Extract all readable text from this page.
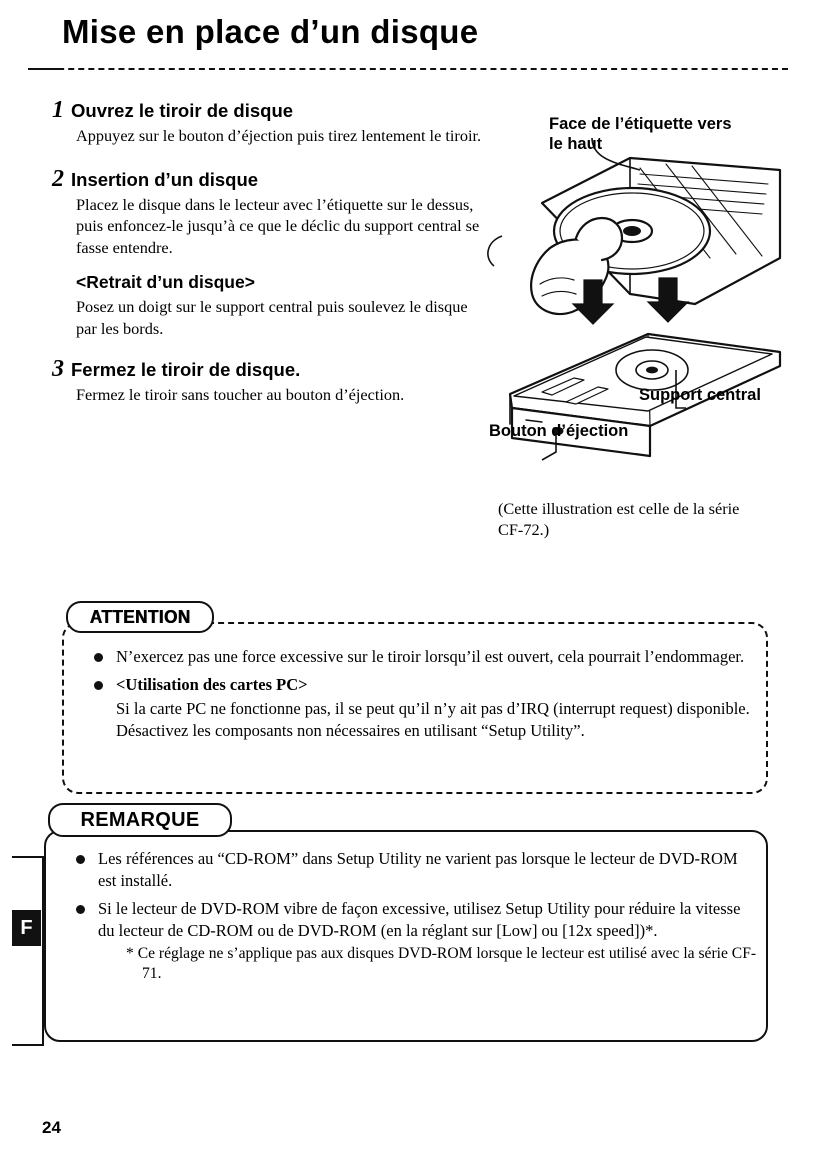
Mise en place d’un disque
1 Ouvrez le tiroir de disque
Appuyez sur le bouton d’éjection puis tirez lentement le tiroir.
2 Insertion d’un disque
Placez le disque dans le lecteur avec l’étiquette sur le dessus, puis enfoncez-le jusqu’à ce que le déclic du support central se fasse entendre.
<Retrait d’un disque>
Posez un doigt sur le support central puis soulevez le disque par les bords.
3 Fermez le tiroir de disque.
Fermez le tiroir sans toucher au bouton d’éjection.
Face de l’étiquette vers le haut
Support central
Bouton d’éjection
(Cette illustration est celle de la série CF-72.)
ATTENTION
N’exercez pas une force excessive sur le tiroir lorsqu’il est ouvert, cela pourrait l’endommager.
<Utilisation des cartes PC>
Si la carte PC ne fonctionne pas, il se peut qu’il n’y ait pas d’IRQ (interrupt request) disponible. Désactivez les composants non nécessaires en utilisant “Setup Utility”.
REMARQUE
Les références au “CD-ROM” dans Setup Utility ne varient pas lorsque le lecteur de DVD-ROM est installé.
Si le lecteur de DVD-ROM vibre de façon excessive, utilisez Setup Utility pour réduire la vitesse du lecteur de CD-ROM ou de DVD-ROM (en la réglant sur [Low] ou [12x speed])*.
* Ce réglage ne s’applique pas aux disques DVD-ROM lorsque le lecteur est utilisé avec la série CF-71.
F
24
